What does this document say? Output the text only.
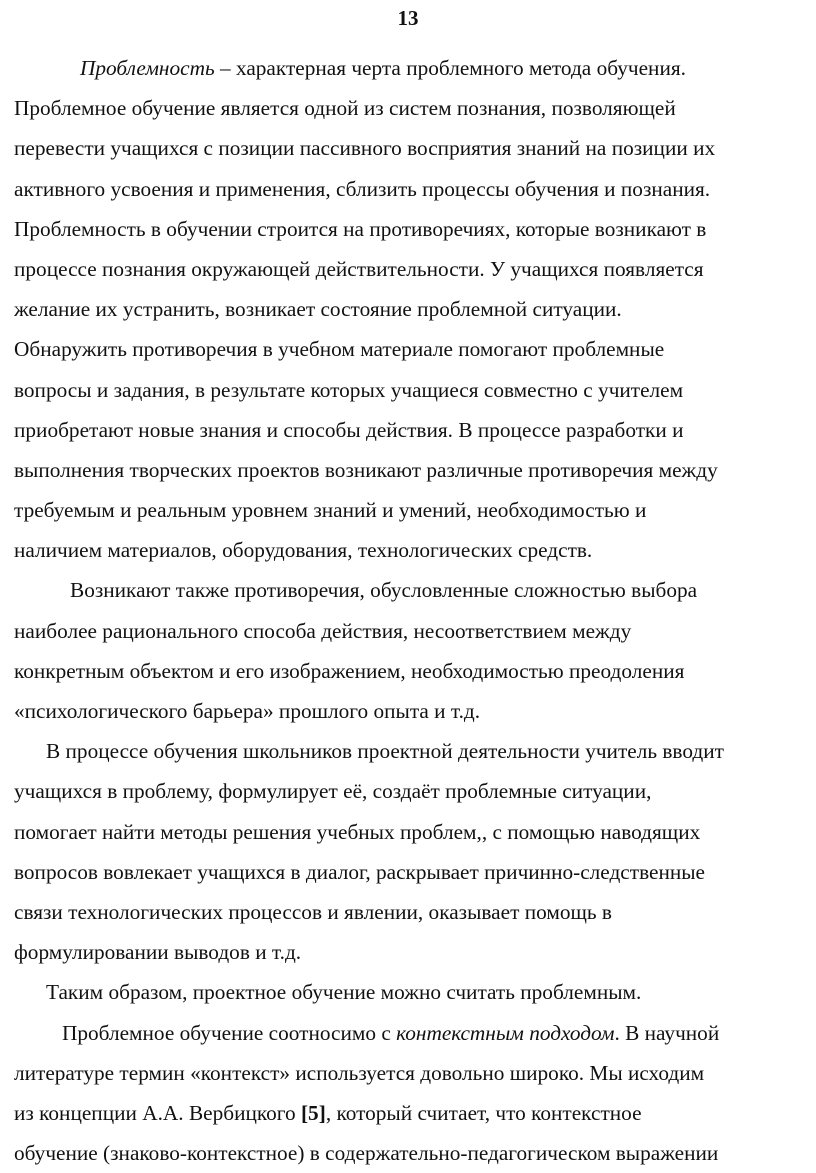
13
Проблемность – характерная черта проблемного метода обучения.
Проблемное обучение является одной из систем познания, позволяющей
перевести учащихся с позиции пассивного восприятия знаний на позиции их
активного усвоения и применения, сблизить процессы обучения и познания.
Проблемность в обучении строится на противоречиях, которые возникают в
процессе познания окружающей действительности. У учащихся появляется
желание их устранить, возникает состояние проблемной ситуации.
Обнаружить противоречия в учебном материале помогают проблемные
вопросы и задания, в результате которых учащиеся совместно с учителем
приобретают новые знания и способы действия. В процессе разработки и
выполнения творческих проектов возникают различные противоречия между
требуемым и реальным уровнем знаний и умений, необходимостью и
наличием материалов, оборудования, технологических средств.
Возникают также противоречия, обусловленные сложностью выбора
наиболее рационального способа действия, несоответствием между
конкретным объектом и его изображением, необходимостью преодоления
«психологического барьера» прошлого опыта и т.д.
В процессе обучения школьников проектной деятельности учитель вводит
учащихся в проблему, формулирует её, создаёт проблемные ситуации,
помогает найти методы решения учебных проблем,, с помощью наводящих
вопросов вовлекает учащихся в диалог, раскрывает причинно-следственные
связи технологических процессов и явлении, оказывает помощь в
формулировании выводов и т.д.
Таким образом, проектное обучение можно считать проблемным.
Проблемное обучение соотносимо с контекстным подходом. В научной
литературе термин «контекст» используется довольно широко. Мы исходим
из концепции А.А. Вербицкого [5], который считает, что контекстное
обучение (знаково-контекстное) в содержательно-педагогическом выражении
